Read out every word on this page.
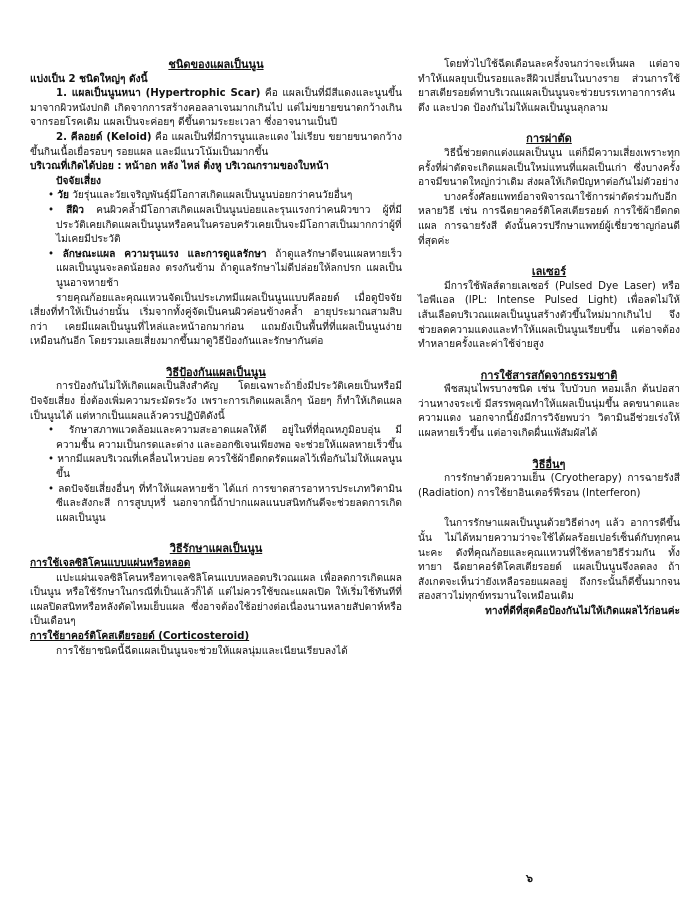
ชนิดของแผลเป็นนูน

แบ่งเป็น 2 ชนิดใหญ่ๆ ดังนี้

1. แผลเป็นนูนหนา (Hypertrophic Scar) คือ แผลเป็นที่มีสีแดงและนูนขึ้นมาจากผิวหนังปกติ เกิดจากการสร้างคอลลาเจนมากเกินไป แต่ไม่ขยายขนาดกว้างเกินจากรอยโรคเดิม แผลเป็นจะค่อยๆ ดีขึ้นตามระยะเวลา ซึ่งอาจนานเป็นปี

2. คีลอยด์ (Keloid) คือ แผลเป็นที่มีการนูนและแดง ไม่เรียบ ขยายขนาดกว้างขึ้นกินเนื้อเยื่อรอบๆ รอยแผล และมีแนวโน้มเป็นมากขึ้น

บริเวณที่เกิดได้บ่อย : หน้าอก หลัง ไหล่ ติ่งหู บริเวณกรามของใบหน้า

ปัจจัยเสี่ยง

• วัย วัยรุ่นและวัยเจริญพันธุ์มีโอกาสเกิดแผลเป็นนูนบ่อยกว่าคนวัยอื่นๆ

• สีผิว คนผิวคล้ำมีโอกาสเกิดแผลเป็นนูนบ่อยและรุนแรงกว่าคนผิวขาว ผู้ที่มีประวัติเคยเกิดแผลเป็นนูนหรือคนในครอบครัวเคยเป็นจะมีโอกาสเป็นมากกว่าผู้ที่ไม่เคยมีประวัติ

• ลักษณะแผล ความรุนแรง และการดูแลรักษา ถ้าดูแลรักษาดีจนแผลหายเร็ว แผลเป็นนูนจะลดน้อยลง ตรงกันข้าม ถ้าดูแลรักษาไม่ดีปล่อยให้ลกปรก แผลเป็นนูนอาจหายช้า

รายคุณก้อยและคุณแหวนจัดเป็นประเภทมีแผลเป็นนูนแบบคีลอยด์ เมื่อดูปัจจัยเสี่ยงที่ทำให้เป็นง่ายนั้น เริ่มจากทั้งคู่จัดเป็นคนผิวค่อนข้างคล้ำ อายุประมาณสามสิบกว่า เคยมีแผลเป็นนูนที่ไหล่และหน้าอกมาก่อน แถมยังเป็นพื้นที่ที่แผลเป็นนูนง่ายเหมือนกันอีก โดยรวมเลยเสี่ยงมากขึ้นมาดูวิธีป้องกันและรักษากันต่อ

วิธีป้องกันแผลเป็นนูน

การป้องกันไม่ให้เกิดแผลเป็นสิ่งสำคัญ โดยเฉพาะถ้ายิ่งมีประวัติเคยเป็นหรือมีปัจจัยเสี่ยง ยิ่งต้องเพิ่มความระมัดระวัง เพราะการเกิดแผลเล็กๆ น้อยๆ ก็ทำให้เกิดแผลเป็นนูนได้ แต่หากเป็นแผลแล้วควรปฏิบัติดังนี้

• รักษาสภาพแวดล้อมและความสะอาดแผลให้ดี อยู่ในที่ที่อุณหภูมิอบอุ่น มีความชื้น ความเป็นกรดและด่าง และออกซิเจนเพียงพอ จะช่วยให้แผลหายเร็วขึ้น

• หากมีแผลบริเวณที่เคลื่อนไหวบ่อย ควรใช้ผ้ายืดกดรัดแผลไว้เพื่อกันไม่ให้แผลนูนขึ้น

• ลดปัจจัยเสี่ยงอื่นๆ ที่ทำให้แผลหายช้า ได้แก่ การขาดสารอาหารประเภทวิตามินซีและสังกะสี การสูบบุหรี่ นอกจากนี้ถ้าปากแผลแนบสนิทกันดีจะช่วยลดการเกิดแผลเป็นนูน

วิธีรักษาแผลเป็นนูน

การใช้เจลซิลิโคนแบบแผ่นหรือหลอด

แปะแผ่นเจลซิลิโคนหรือทาเจลซิลิโคนแบบหลอดบริเวณแผล เพื่อลดการเกิดแผลเป็นนูน หรือใช้รักษาในกรณีที่เป็นแล้วก็ได้ แต่ไม่ควรใช้ขณะแผลเปิด ให้เริ่มใช้ทันทีที่แผลปิดสนิทหรือหลังตัดไหมเย็บแผล ซึ่งอาจต้องใช้อย่างต่อเนื่องนานหลายสัปดาห์หรือเป็นเดือนๆ

การใช้ยาคอร์ติโคสเตียรอยด์ (Corticosteroid)

การใช้ยาชนิดนี้ฉีดแผลเป็นนูนจะช่วยให้แผลนุ่มและเนียนเรียบลงได้

โดยทั่วไปใช้ฉีดเดือนละครั้งจนกว่าจะเห็นผล แต่อาจทำให้แผลยุบเป็นรอยและสีผิวเปลี่ยนในบางราย ส่วนการใช้ยาสเตียรอยด์ทาบริเวณแผลเป็นนูนจะช่วยบรรเทาอาการคัน ตึง และปวด ป้องกันไม่ให้แผลเป็นนูนลุกลาม

การผ่าตัด

วิธีนี้ช่วยตกแต่งแผลเป็นนูน แต่ก็มีความเสี่ยงเพราะทุกครั้งที่ผ่าตัดจะเกิดแผลเป็นใหม่แทนที่แผลเป็นเก่า ซึ่งบางครั้งอาจมีขนาดใหญ่กว่าเดิม ส่งผลให้เกิดปัญหาต่อกันไม่ตัวอย่าง

บางครั้งศัลยแพทย์อาจพิจารณาใช้การผ่าตัดร่วมกับอีกหลายวิธี เช่น การฉีดยาคอร์ติโคสเตียรอยด์ การใช้ผ้ายืดกดแผล การฉายรังสี ดังนั้นควรปรึกษาแพทย์ผู้เชี่ยวชาญก่อนดีที่สุดค่ะ

เลเซอร์

มีการใช้พัลส์ดายเลเซอร์ (Pulsed Dye Laser) หรือไอพีแอล (IPL: Intense Pulsed Light) เพื่อลดไม่ให้เส้นเลือดบริเวณแผลเป็นนูนสร้างตัวขึ้นใหม่มากเกินไป จึงช่วยลดความแดงและทำให้แผลเป็นนูนเรียบขึ้น แต่อาจต้องทำหลายครั้งและค่าใช้จ่ายสูง

การใช้สารสกัดจากธรรมชาติ

พืชสมุนไพรบางชนิด เช่น ใบบัวบก หอมเล็ก ต้นปอสา ว่านหางจระเข้ มีสรรพคุณทำให้แผลเป็นนุ่มขึ้น ลดขนาดและความแดง นอกจากนี้ยังมีการวิจัยพบว่า วิตามินอีช่วยเร่งให้แผลหายเร็วขึ้น แต่อาจเกิดผื่นแพ้สัมผัสได้

วิธีอื่นๆ

การรักษาด้วยความเย็น (Cryotherapy) การฉายรังสี (Radiation) การใช้ยาอินเตอร์ฟีรอน (Interferon)

ในการรักษาแผลเป็นนูนด้วยวิธีต่างๆ แล้ว อาการดีขึ้นนั้น ไม่ได้หมายความว่าจะใช้ได้ผลร้อยเปอร์เซ็นต์กับทุกคนนะคะ ดังที่คุณก้อยและคุณแหวนที่ใช้หลายวิธีร่วมกัน ทั้งทายา ฉีดยาคอร์ติโคสเตียรอยด์ แผลเป็นนูนจึงลดลง ถ้าสังเกตจะเห็นว่ายังเหลือรอยแผลอยู่ ถึงกระนั้นก็ดีขึ้นมากจนสองสาวไม่ทุกข์ทรมานใจเหมือนเดิม

ทางที่ดีที่สุดคือป้องกันไม่ให้เกิดแผลไว้ก่อนค่ะ

๖
